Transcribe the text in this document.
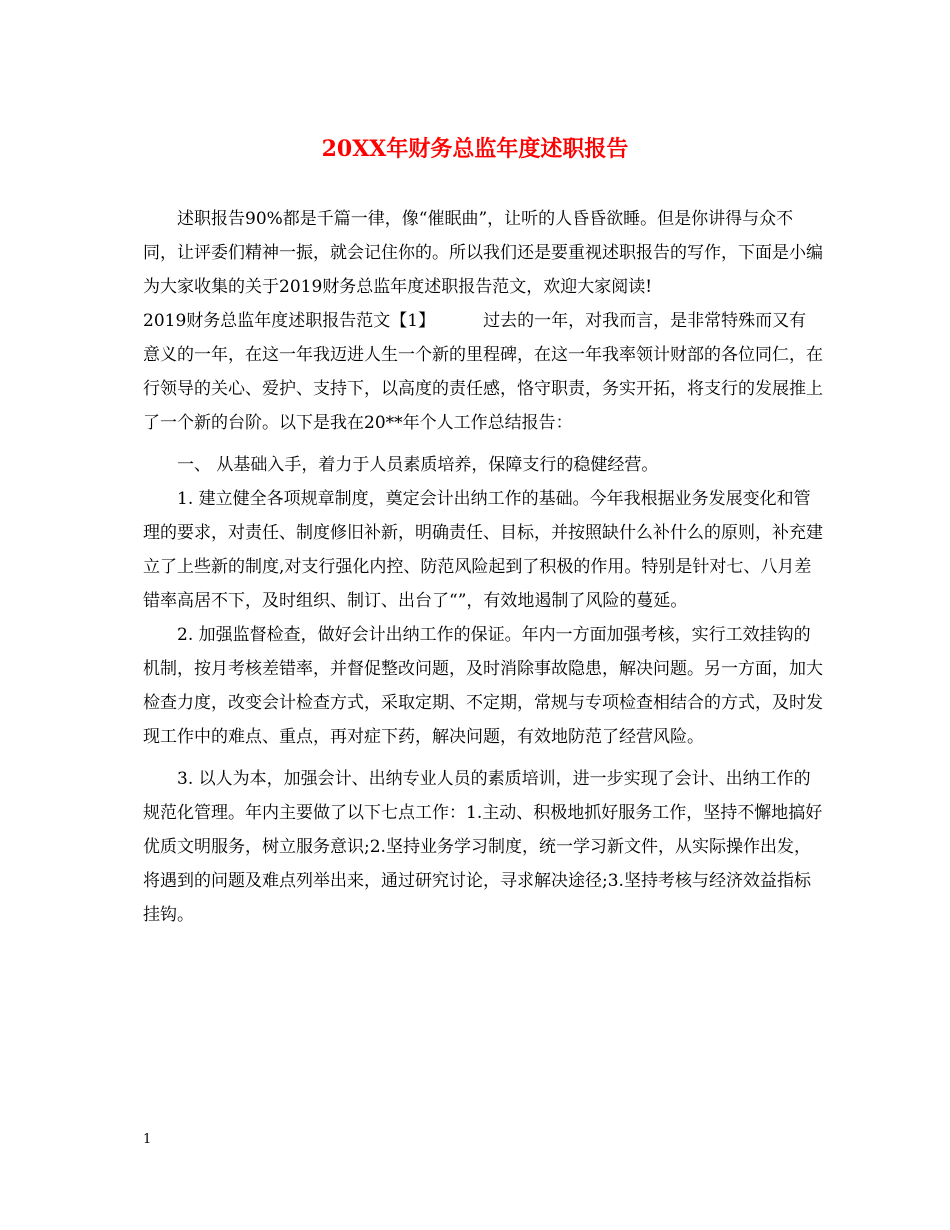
20XX年财务总监年度述职报告

述职报告90%都是千篇一律，像“催眠曲”，让听的人昏昏欲睡。但是你讲得与众不同，让评委们精神一振，就会记住你的。所以我们还是要重视述职报告的写作，下面是小编为大家收集的关于2019财务总监年度述职报告范文，欢迎大家阅读!

2019财务总监年度述职报告范文【1】	过去的一年，对我而言，是非常特殊而又有意义的一年，在这一年我迈进人生一个新的里程碑，在这一年我率领计财部的各位同仁，在行领导的关心、爱护、支持下，以高度的责任感，恪守职责，务实开拓，将支行的发展推上了一个新的台阶。以下是我在20**年个人工作总结报告：

一、 从基础入手，着力于人员素质培养，保障支行的稳健经营。

1. 建立健全各项规章制度，奠定会计出纳工作的基础。今年我根据业务发展变化和管理的要求，对责任、制度修旧补新，明确责任、目标，并按照缺什么补什么的原则，补充建立了上些新的制度,对支行强化内控、防范风险起到了积极的作用。特别是针对七、八月差错率高居不下，及时组织、制订、出台了“”，有效地遏制了风险的蔓延。

2. 加强监督检查，做好会计出纳工作的保证。年内一方面加强考核，实行工效挂钩的机制，按月考核差错率，并督促整改问题，及时消除事故隐患，解决问题。另一方面，加大检查力度，改变会计检查方式，采取定期、不定期，常规与专项检查相结合的方式，及时发现工作中的难点、重点，再对症下药，解决问题，有效地防范了经营风险。

3. 以人为本，加强会计、出纳专业人员的素质培训，进一步实现了会计、出纳工作的规范化管理。年内主要做了以下七点工作：1.主动、积极地抓好服务工作，坚持不懈地搞好优质文明服务，树立服务意识;2.坚持业务学习制度，统一学习新文件，从实际操作出发，将遇到的问题及难点列举出来，通过研究讨论，寻求解决途径;3.坚持考核与经济效益指标挂钩。

1
